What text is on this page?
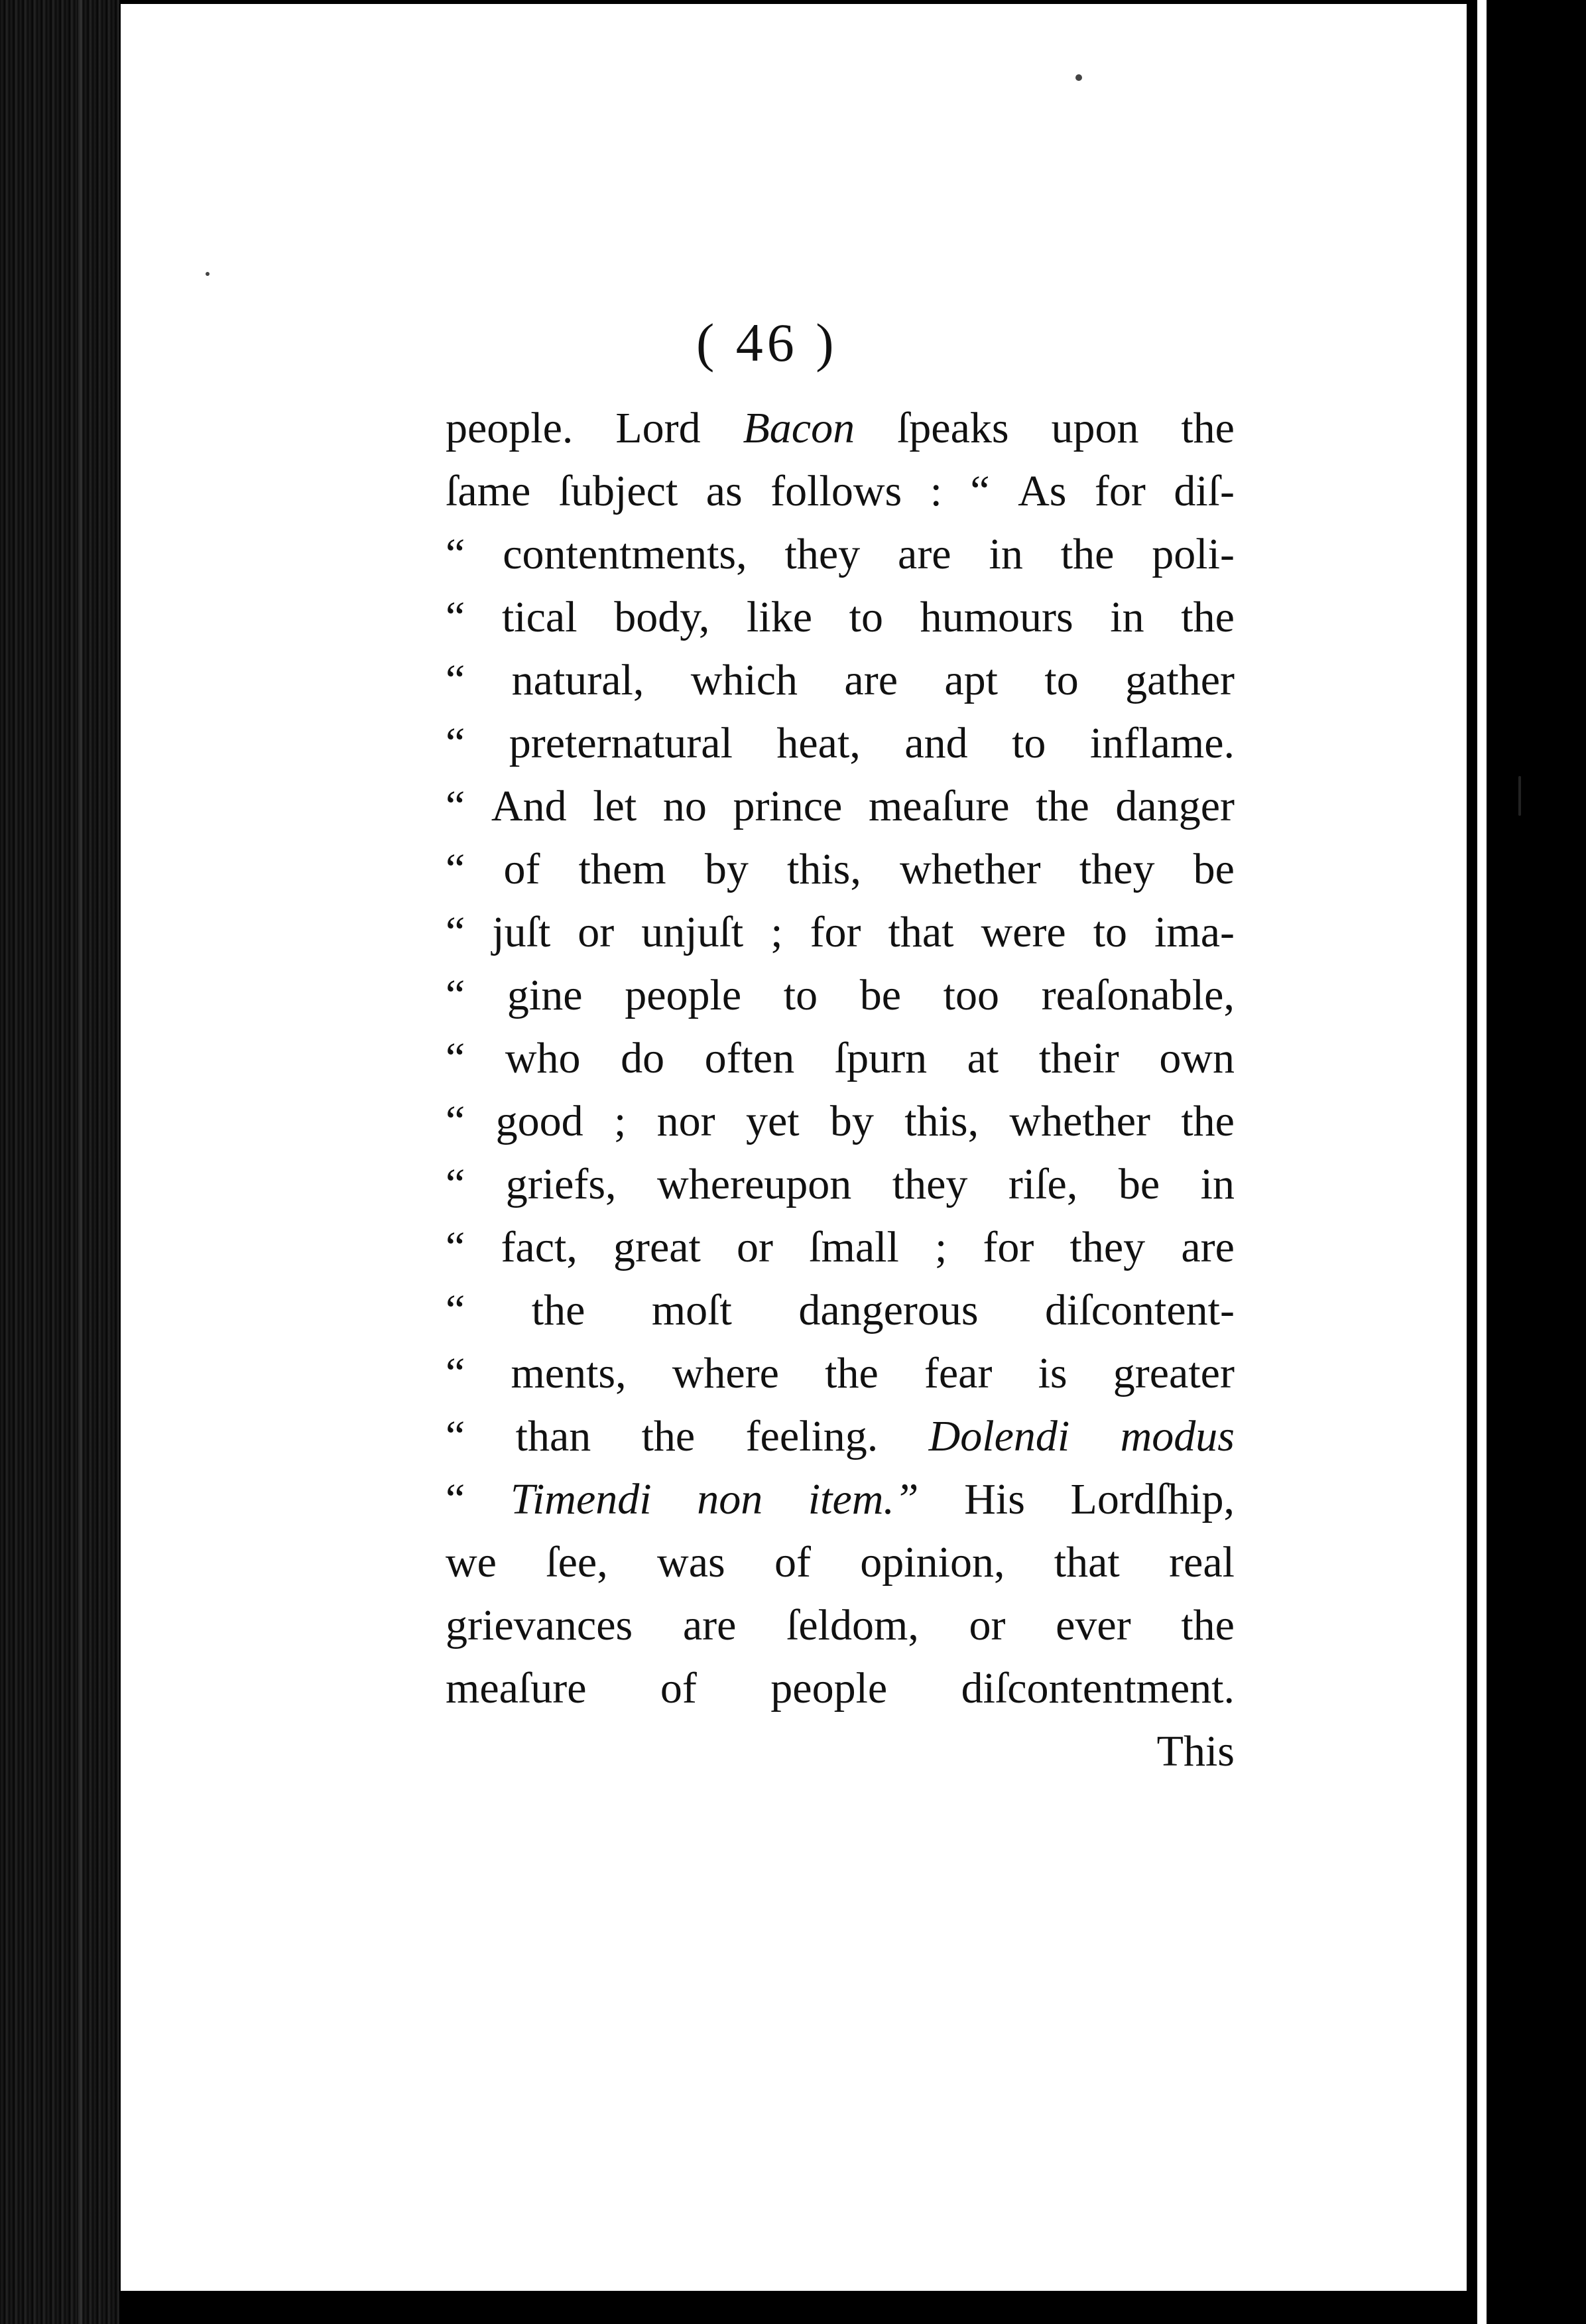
( 46 )
people. Lord Bacon ſpeaks upon the
ſame ſubject as follows : “ As for diſ-
“ contentments, they are in the poli-
“ tical body, like to humours in the
“ natural, which are apt to gather
“ preternatural heat, and to inflame.
“ And let no prince meaſure the danger
“ of them by this, whether they be
“ juſt or unjuſt ; for that were to ima-
“ gine people to be too reaſonable,
“ who do often ſpurn at their own
“ good ; nor yet by this, whether the
“ griefs, whereupon they riſe, be in
“ fact, great or ſmall ; for they are
“ the moſt dangerous diſcontent-
“ ments, where the fear is greater
“ than the feeling. Dolendi modus
“ Timendi non item.” His Lordſhip,
we ſee, was of opinion, that real
grievances are ſeldom, or ever the
meaſure of people diſcontentment.
This
